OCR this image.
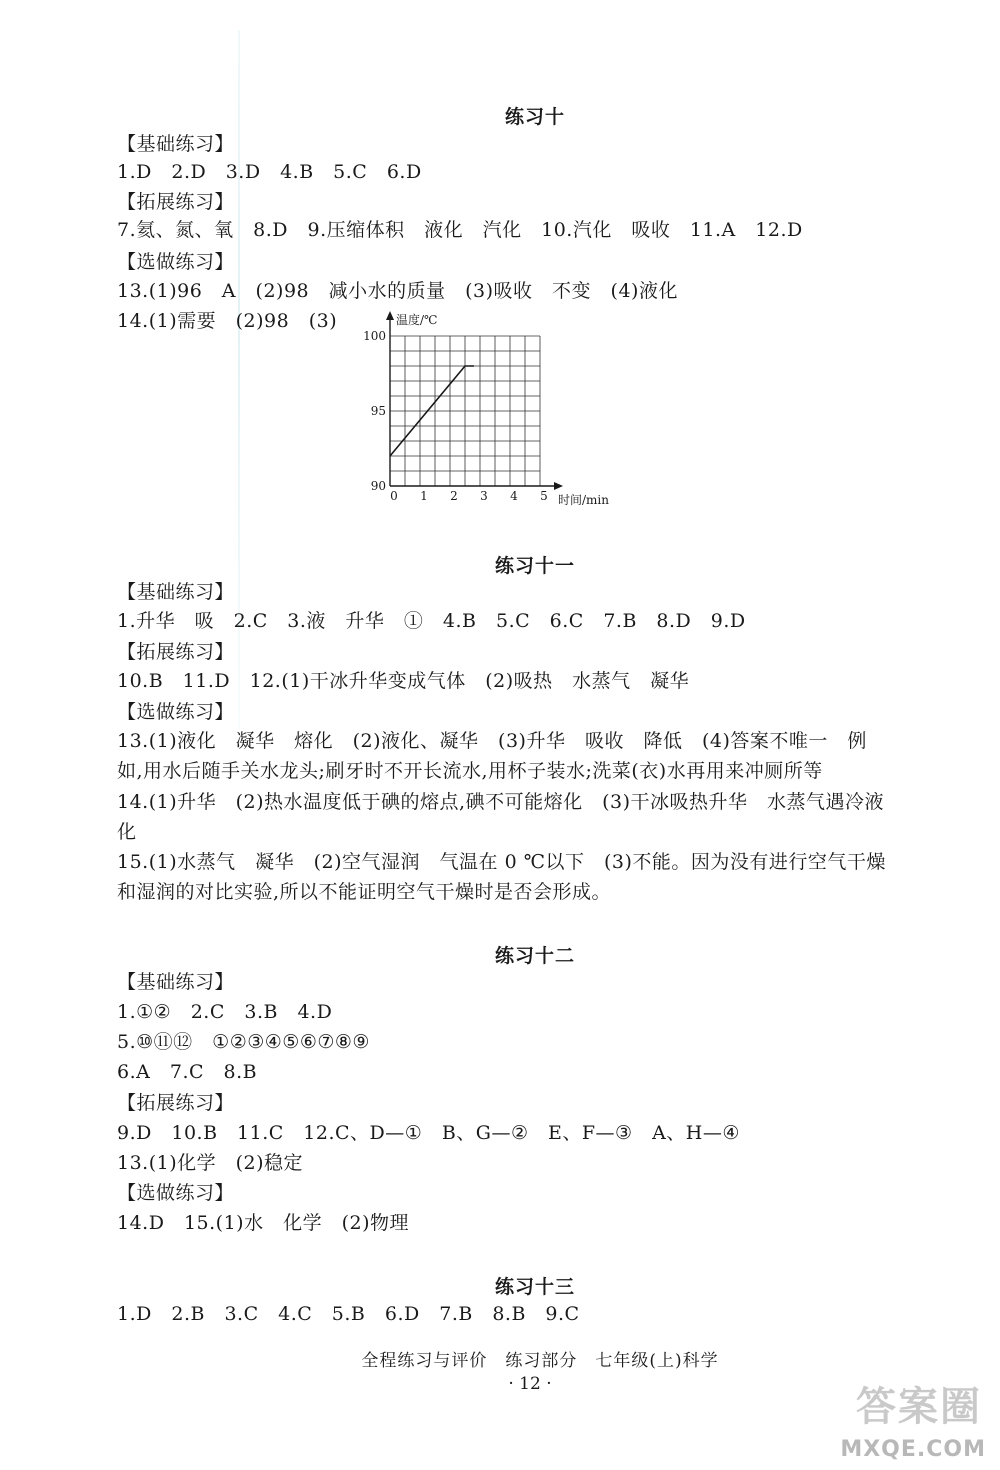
练习十
【基础练习】
1.D　2.D　3.D　4.B　5.C　6.D
【拓展练习】
7.氦、氮、氧　8.D　9.压缩体积　液化　汽化　10.汽化　吸收　11.A　12.D
【选做练习】
13.(1)96　A　(2)98　减小水的质量　(3)吸收　不变　(4)液化
14.(1)需要　(2)98　(3)
0 1 2 3 4 5
90
95
100
温度/℃
时间/min
练习十一
【基础练习】
1.升华　吸　2.C　3.液　升华　①　4.B　5.C　6.C　7.B　8.D　9.D
【拓展练习】
10.B　11.D　12.(1)干冰升华变成气体　(2)吸热　水蒸气　凝华
【选做练习】
13.(1)液化　凝华　熔化　(2)液化、凝华　(3)升华　吸收　降低　(4)答案不唯一　例
如,用水后随手关水龙头;刷牙时不开长流水,用杯子装水;洗菜(衣)水再用来冲厕所等
14.(1)升华　(2)热水温度低于碘的熔点,碘不可能熔化　(3)干冰吸热升华　水蒸气遇冷液
化
15.(1)水蒸气　凝华　(2)空气湿润　气温在 0 ℃以下　(3)不能。因为没有进行空气干燥
和湿润的对比实验,所以不能证明空气干燥时是否会形成。
练习十二
【基础练习】
1.①②　2.C　3.B　4.D
5.⑩⑪⑫　①②③④⑤⑥⑦⑧⑨
6.A　7.C　8.B
【拓展练习】
9.D　10.B　11.C　12.C、D—①　B、G—②　E、F—③　A、H—④
13.(1)化学　(2)稳定
【选做练习】
14.D　15.(1)水　化学　(2)物理
练习十三
1.D　2.B　3.C　4.C　5.B　6.D　7.B　8.B　9.C
全程练习与评价　练习部分　七年级(上)科学
· 12 ·	答案圈
MXQE.COM
